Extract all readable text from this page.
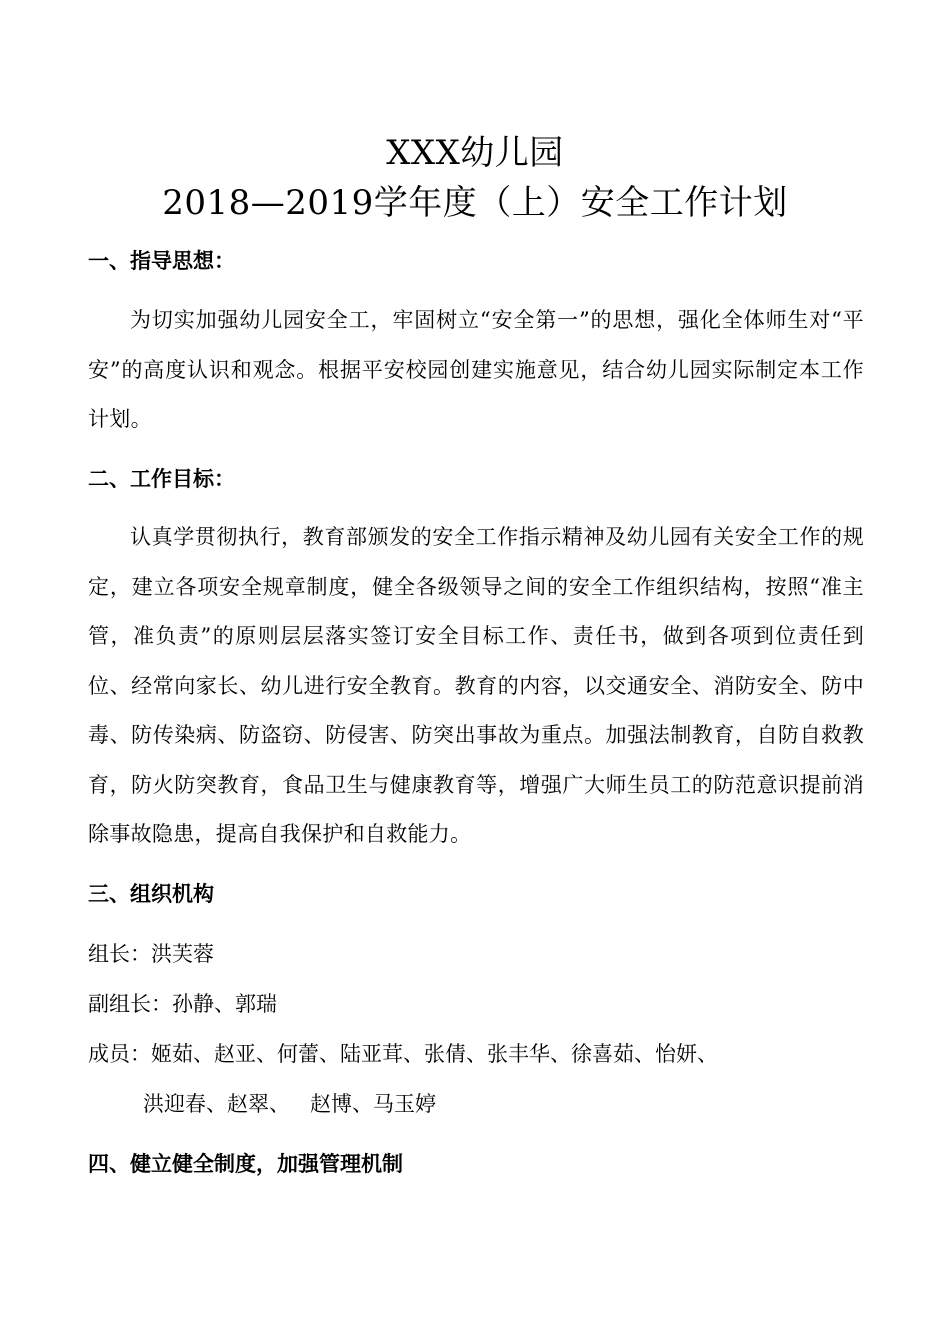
XXX幼儿园
2018—2019学年度（上）安全工作计划
一、指导思想：
为切实加强幼儿园安全工，牢固树立“安全第一”的思想，强化全体师生对“平安”的高度认识和观念。根据平安校园创建实施意见，结合幼儿园实际制定本工作计划。
二、工作目标：
认真学贯彻执行，教育部颁发的安全工作指示精神及幼儿园有关安全工作的规定，建立各项安全规章制度，健全各级领导之间的安全工作组织结构，按照“准主管，准负责”的原则层层落实签订安全目标工作、责任书，做到各项到位责任到位、经常向家长、幼儿进行安全教育。教育的内容，以交通安全、消防安全、防中毒、防传染病、防盗窃、防侵害、防突出事故为重点。加强法制教育，自防自救教育，防火防突教育，食品卫生与健康教育等，增强广大师生员工的防范意识提前消除事故隐患，提高自我保护和自救能力。
三、组织机构
组长：洪芙蓉
副组长：孙静、郭瑞
成员：姬茹、赵亚、何蕾、陆亚茸、张倩、张丰华、徐喜茹、怡妍、
洪迎春、赵翠、   赵博、马玉婷
四、健立健全制度，加强管理机制
